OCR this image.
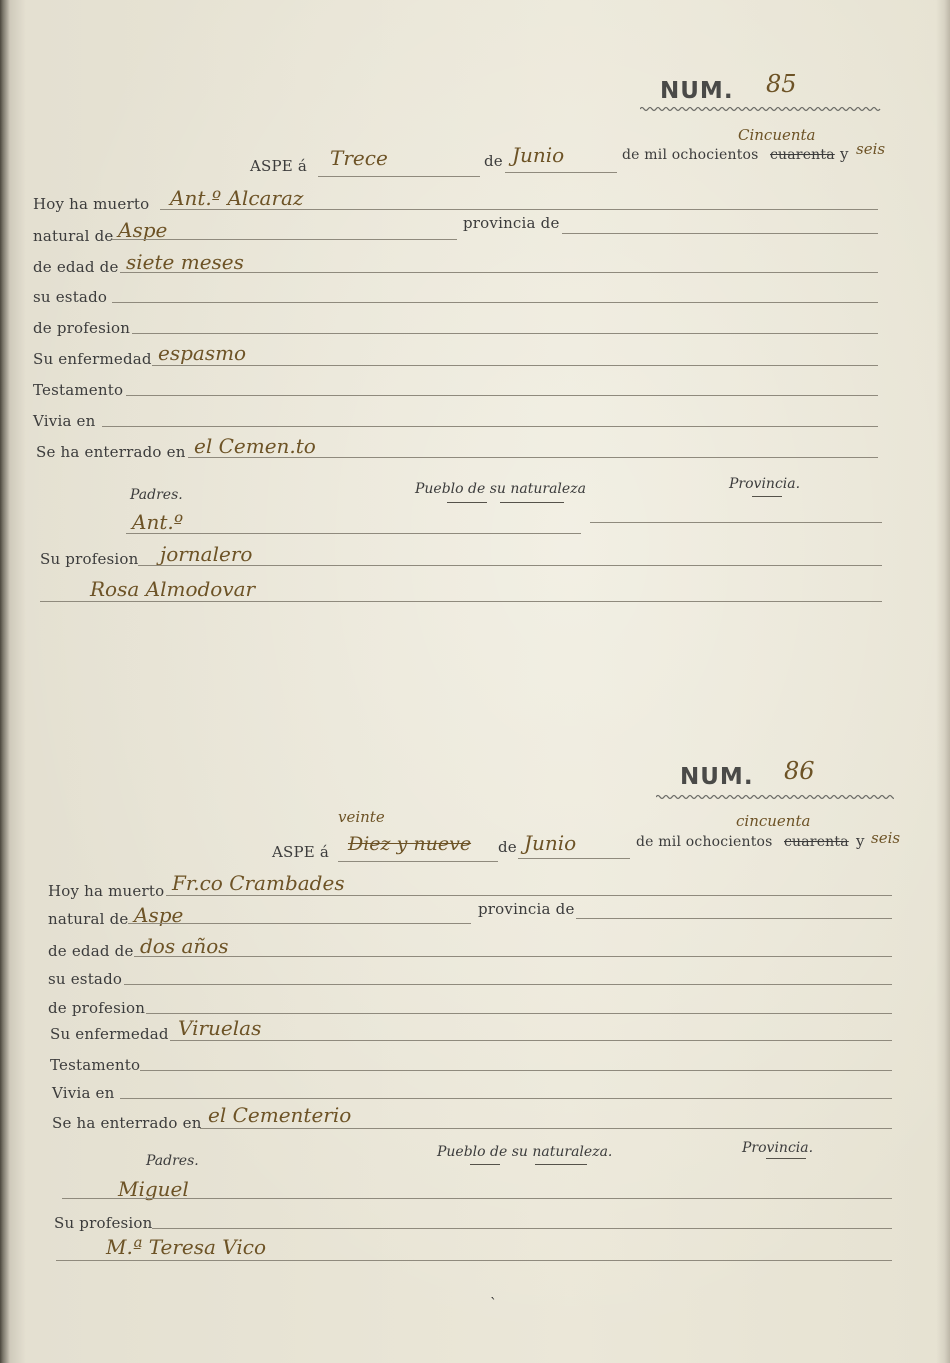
NUM. 85
ASPE á Trece	de Junio	de mil ochocientos
Cincuenta
cuarenta y seis
Hoy ha muerto Ant.º Alcaraz
natural de Aspe	provincia de
de edad de siete meses
su estado
de profesion
Su enfermedad espasmo
Testamento
Vivia en
Se ha enterrado en el Cemen.to
Padres.	Pueblo de su naturaleza	Provincia.
Ant.º
Su profesion jornalero
Rosa Almodovar
NUM. 86
veinte
ASPE á Diez y nueve de Junio	de mil ochocientos
cincuenta
cuarenta y seis
Hoy ha muerto Fr.co Crambades
natural de Aspe	provincia de
de edad de dos años
su estado
de profesion
Su enfermedad Viruelas
Testamento
Vivia en
Se ha enterrado en el Cementerio
Padres.
Pueblo de su naturaleza.	Provincia.
Miguel
Su profesion
M.ª Teresa Vico
ˋ
